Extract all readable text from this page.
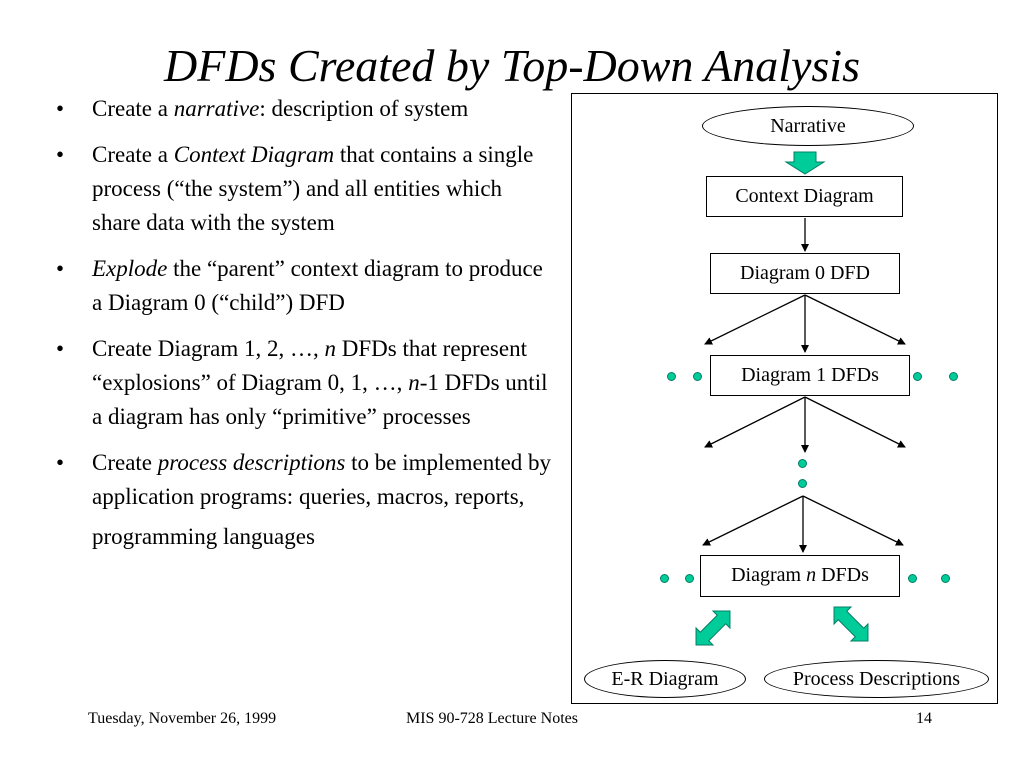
DFDs Created by Top-Down Analysis
• Create a narrative: description of system
• Create a Context Diagram that contains a single process (“the system”) and all entities which share data with the system
• Explode the “parent” context diagram to produce a Diagram 0 (“child”) DFD
• Create Diagram 1, 2, …, n DFDs that represent “explosions” of Diagram 0, 1, …, n-1 DFDs until a diagram has only “primitive” processes
• Create process descriptions to be implemented by application programs: queries, macros, reports, programming languages
Narrative
Context Diagram
Diagram 0 DFD
Diagram 1 DFDs
Diagram n DFDs
E-R Diagram	Process Descriptions
Tuesday, November 26, 1999	MIS 90-728 Lecture Notes	14
